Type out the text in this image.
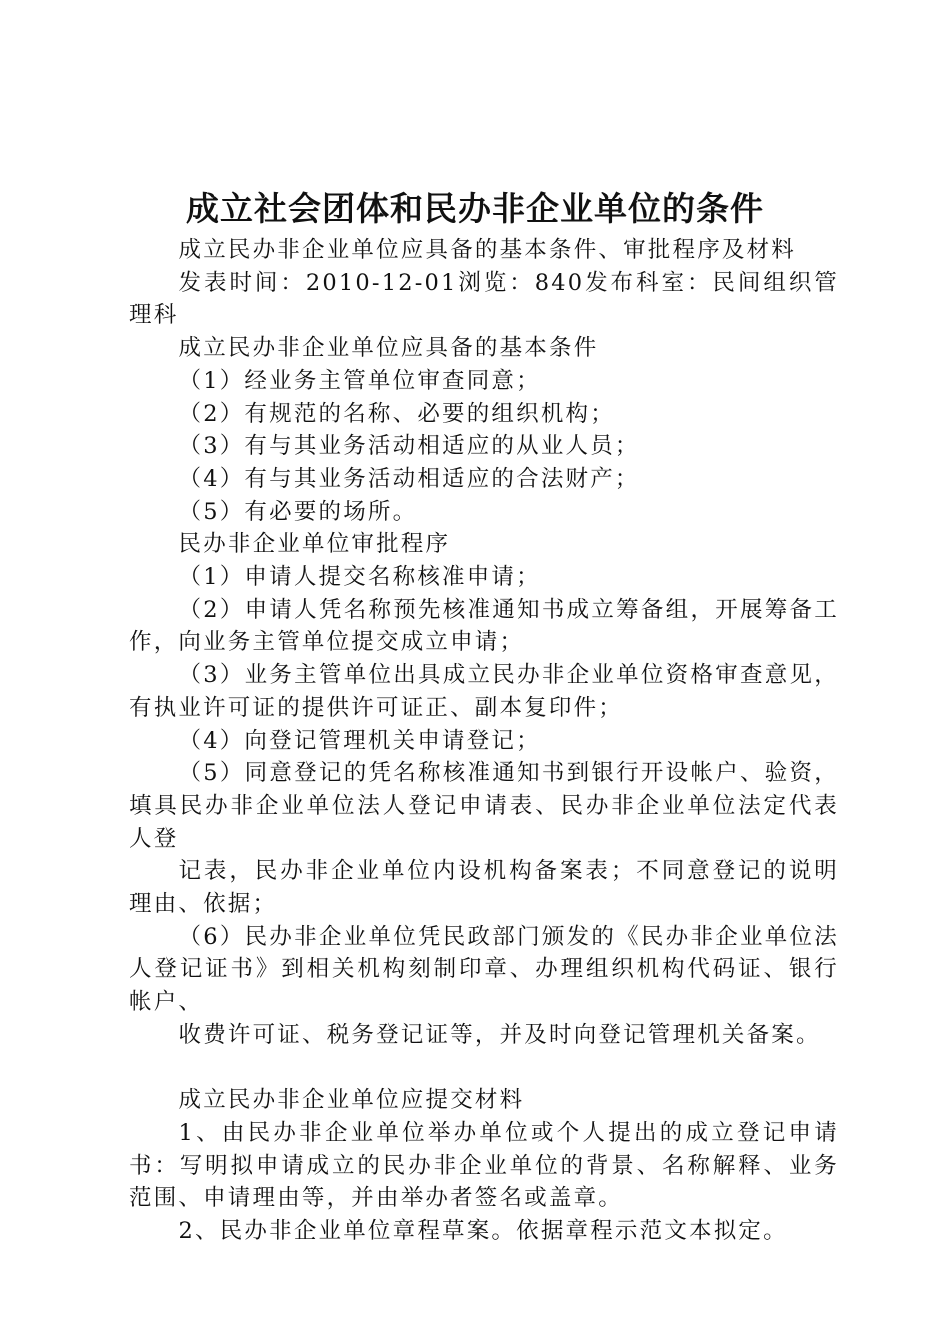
成立社会团体和民办非企业单位的条件

成立民办非企业单位应具备的基本条件、审批程序及材料

发表时间：2010-12-01浏览：840发布科室：民间组织管理科

成立民办非企业单位应具备的基本条件

（1）经业务主管单位审查同意；

（2）有规范的名称、必要的组织机构；

（3）有与其业务活动相适应的从业人员；

（4）有与其业务活动相适应的合法财产；

（5）有必要的场所。

民办非企业单位审批程序

（1）申请人提交名称核准申请；

（2）申请人凭名称预先核准通知书成立筹备组，开展筹备工作，向业务主管单位提交成立申请；

（3）业务主管单位出具成立民办非企业单位资格审查意见，有执业许可证的提供许可证正、副本复印件；

（4）向登记管理机关申请登记；

（5）同意登记的凭名称核准通知书到银行开设帐户、验资，填具民办非企业单位法人登记申请表、民办非企业单位法定代表人登

记表，民办非企业单位内设机构备案表；不同意登记的说明理由、依据；

（6）民办非企业单位凭民政部门颁发的《民办非企业单位法人登记证书》到相关机构刻制印章、办理组织机构代码证、银行帐户、

收费许可证、税务登记证等，并及时向登记管理机关备案。

成立民办非企业单位应提交材料

1、由民办非企业单位举办单位或个人提出的成立登记申请书：写明拟申请成立的民办非企业单位的背景、名称解释、业务范围、申请理由等，并由举办者签名或盖章。

2、民办非企业单位章程草案。依据章程示范文本拟定。
